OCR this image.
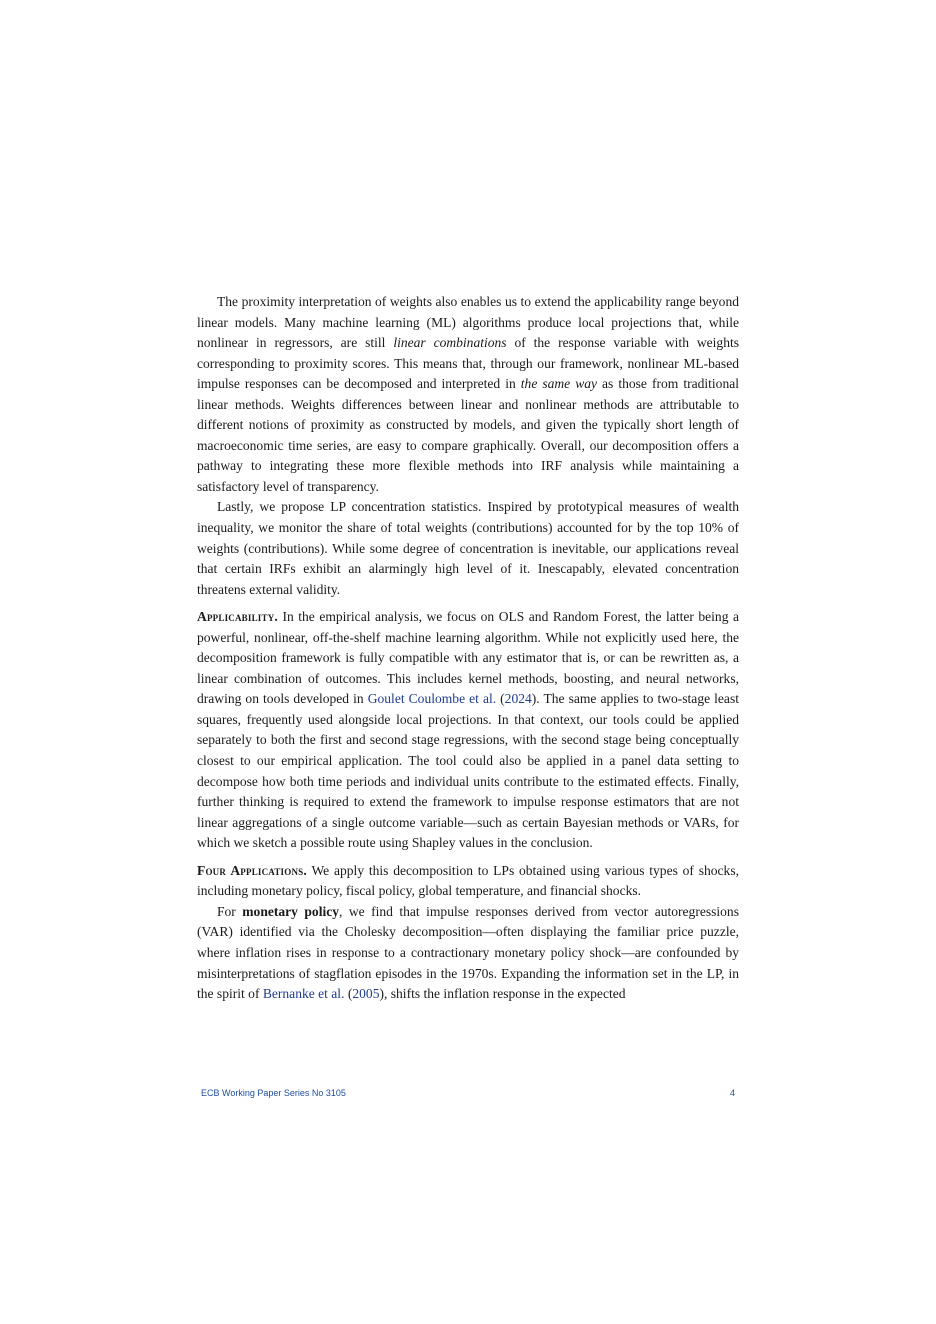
The proximity interpretation of weights also enables us to extend the applicability range beyond linear models. Many machine learning (ML) algorithms produce local projections that, while nonlinear in regressors, are still linear combinations of the response variable with weights corresponding to proximity scores. This means that, through our framework, nonlinear ML-based impulse responses can be decomposed and interpreted in the same way as those from traditional linear methods. Weights differences between linear and nonlinear methods are attributable to different notions of proximity as constructed by models, and given the typically short length of macroeconomic time series, are easy to compare graphically. Overall, our decomposition offers a pathway to integrating these more flexible methods into IRF analysis while maintaining a satisfactory level of transparency.

Lastly, we propose LP concentration statistics. Inspired by prototypical measures of wealth inequality, we monitor the share of total weights (contributions) accounted for by the top 10% of weights (contributions). While some degree of concentration is inevitable, our applications reveal that certain IRFs exhibit an alarmingly high level of it. Inescapably, elevated concentration threatens external validity.

Applicability. In the empirical analysis, we focus on OLS and Random Forest, the latter being a powerful, nonlinear, off-the-shelf machine learning algorithm. While not explicitly used here, the decomposition framework is fully compatible with any estimator that is, or can be rewritten as, a linear combination of outcomes. This includes kernel methods, boosting, and neural networks, drawing on tools developed in Goulet Coulombe et al. (2024). The same applies to two-stage least squares, frequently used alongside local projections. In that context, our tools could be applied separately to both the first and second stage regressions, with the second stage being conceptually closest to our empirical application. The tool could also be applied in a panel data setting to decompose how both time periods and individual units contribute to the estimated effects. Finally, further thinking is required to extend the framework to impulse response estimators that are not linear aggregations of a single outcome variable—such as certain Bayesian methods or VARs, for which we sketch a possible route using Shapley values in the conclusion.

Four Applications. We apply this decomposition to LPs obtained using various types of shocks, including monetary policy, fiscal policy, global temperature, and financial shocks.

For monetary policy, we find that impulse responses derived from vector autoregressions (VAR) identified via the Cholesky decomposition—often displaying the familiar price puzzle, where inflation rises in response to a contractionary monetary policy shock—are confounded by misinterpretations of stagflation episodes in the 1970s. Expanding the information set in the LP, in the spirit of Bernanke et al. (2005), shifts the inflation response in the expected

ECB Working Paper Series No 3105	4
